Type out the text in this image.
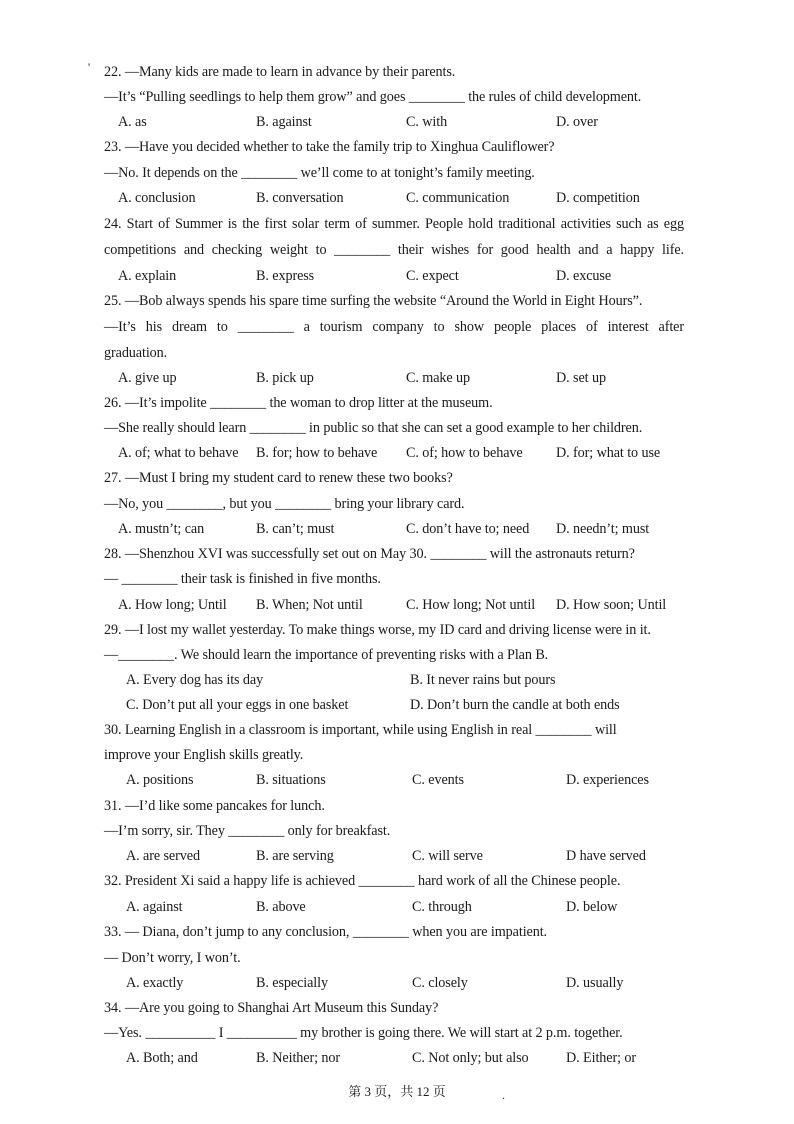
22. —Many kids are made to learn in advance by their parents.
—It’s “Pulling seedlings to help them grow” and goes ________ the rules of child development.
A. as	B. against	C. with	D. over
23. —Have you decided whether to take the family trip to Xinghua Cauliflower?
—No. It depends on the ________ we’ll come to at tonight’s family meeting.
A. conclusion	B. conversation	C. communication	D. competition
24. Start of Summer is the first solar term of summer. People hold traditional activities such as egg
competitions and checking weight to ________ their wishes for good health and a happy life.
A. explain	B. express	C. expect	D. excuse
25. —Bob always spends his spare time surfing the website “Around the World in Eight Hours”.
—It’s his dream to ________ a tourism company to show people places of interest after
graduation.
A. give up	B. pick up	C. make up	D. set up
26. —It’s impolite ________ the woman to drop litter at the museum.
—She really should learn ________ in public so that she can set a good example to her children.
A. of; what to behave B. for; how to behave C. of; how to behave D. for; what to use
27. —Must I bring my student card to renew these two books?
—No, you ________, but you ________ bring your library card.
A. mustn’t; can	B. can’t; must	C. don’t have to; need D. needn’t; must
28. —Shenzhou XVI was successfully set out on May 30. ________ will the astronauts return?
— ________ their task is finished in five months.
A. How long; Until B. When; Not until	C. How long; Not until D. How soon; Until
29. —I lost my wallet yesterday. To make things worse, my ID card and driving license were in it.
—________. We should learn the importance of preventing risks with a Plan B.
A. Every dog has its day	B. It never rains but pours
C. Don’t put all your eggs in one basket	D. Don’t burn the candle at both ends
30. Learning English in a classroom is important, while using English in real ________ will
improve your English skills greatly.
A. positions	B. situations	C. events	D. experiences
31. —I’d like some pancakes for lunch.
—I’m sorry, sir. They ________ only for breakfast.
A. are served	B. are serving	C. will serve	D have served
32. President Xi said a happy life is achieved ________ hard work of all the Chinese people.
A. against	B. above	C. through	D. below
33. — Diana, don’t jump to any conclusion, ________ when you are impatient.
— Don’t worry, I won’t.
A. exactly	B. especially	C. closely	D. usually
34. —Are you going to Shanghai Art Museum this Sunday?
—Yes. __________ I __________ my brother is going there. We will start at 2 p.m. together.
A. Both; and	B. Neither; nor	C. Not only; but also	D. Either; or
第 3 页，共 12 页
'
.
